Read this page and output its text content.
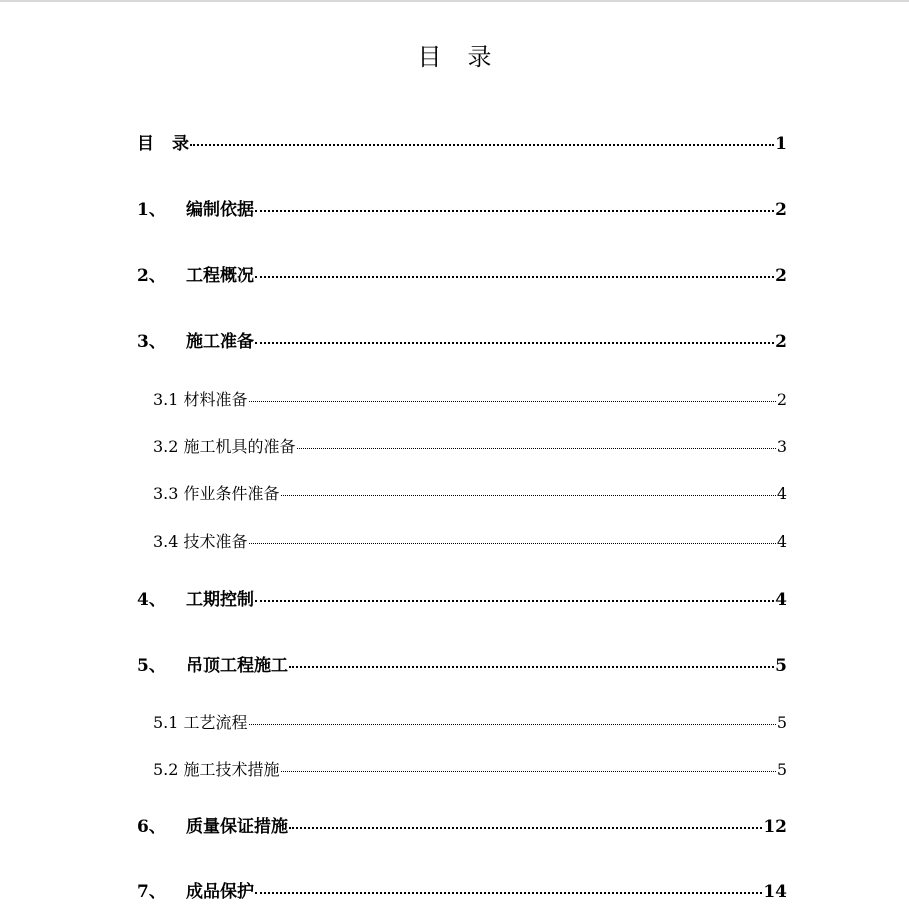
目 录
目 录	1
1、	编制依据	2
2、	工程概况	2
3、	施工准备	2
3.1 材料准备	2
3.2 施工机具的准备	3
3.3 作业条件准备	4
3.4 技术准备	4
4、	工期控制	4
5、	吊顶工程施工	5
5.1 工艺流程	5
5.2 施工技术措施	5
6、	质量保证措施	12
7、	成品保护	14
